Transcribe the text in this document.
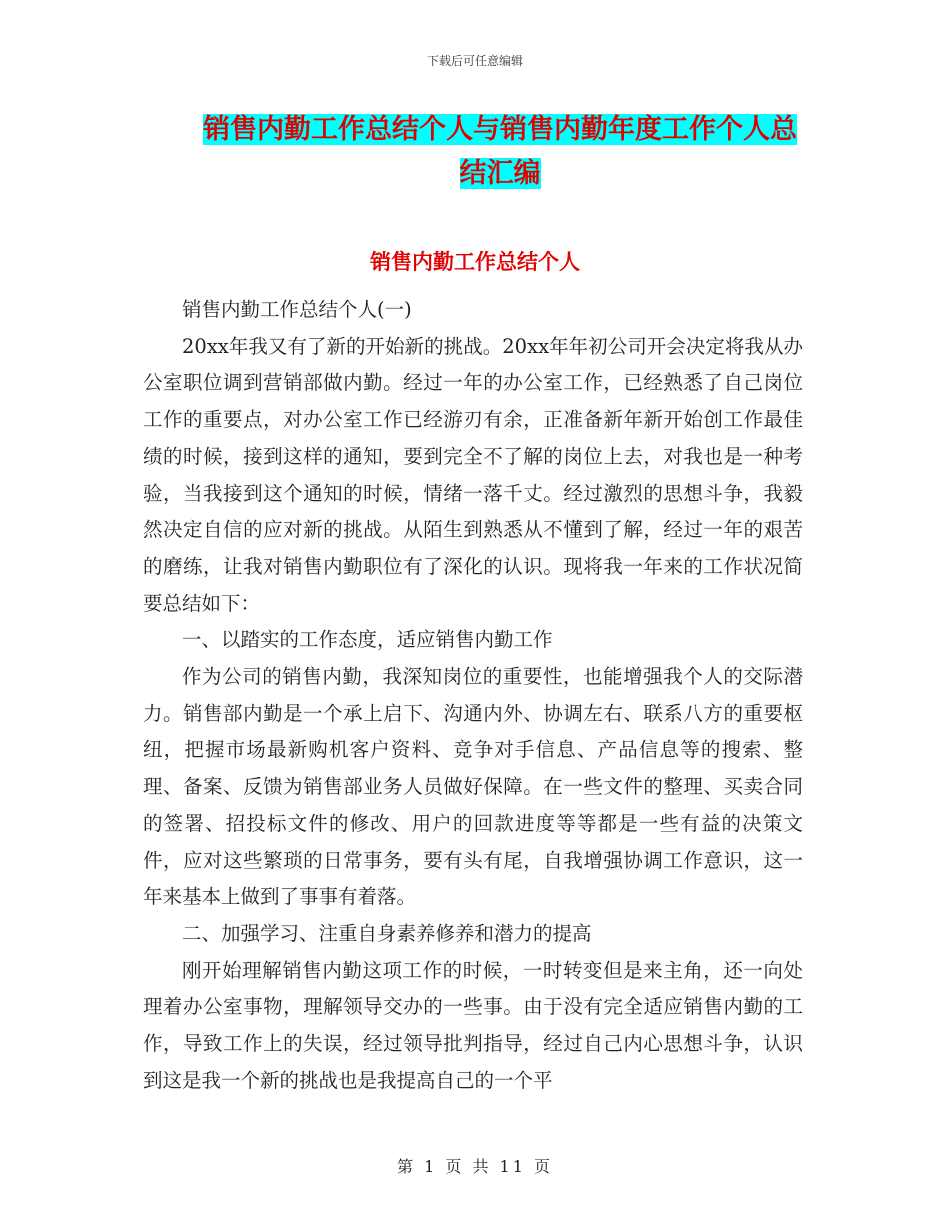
下载后可任意编辑
销售内勤工作总结个人与销售内勤年度工作个人总结汇编
销售内勤工作总结个人

销售内勤工作总结个人(一)

20xx年我又有了新的开始新的挑战。20xx年年初公司开会决定将我从办公室职位调到营销部做内勤。经过一年的办公室工作，已经熟悉了自己岗位工作的重要点，对办公室工作已经游刃有余，正准备新年新开始创工作最佳绩的时候，接到这样的通知，要到完全不了解的岗位上去，对我也是一种考验，当我接到这个通知的时候，情绪一落千丈。经过激烈的思想斗争，我毅然决定自信的应对新的挑战。从陌生到熟悉从不懂到了解，经过一年的艰苦的磨练，让我对销售内勤职位有了深化的认识。现将我一年来的工作状况简要总结如下：

一、以踏实的工作态度，适应销售内勤工作

作为公司的销售内勤，我深知岗位的重要性，也能增强我个人的交际潜力。销售部内勤是一个承上启下、沟通内外、协调左右、联系八方的重要枢纽，把握市场最新购机客户资料、竞争对手信息、产品信息等的搜索、整理、备案、反馈为销售部业务人员做好保障。在一些文件的整理、买卖合同的签署、招投标文件的修改、用户的回款进度等等都是一些有益的决策文件，应对这些繁琐的日常事务，要有头有尾，自我增强协调工作意识，这一年来基本上做到了事事有着落。

二、加强学习、注重自身素养修养和潜力的提高

刚开始理解销售内勤这项工作的时候，一时转变但是来主角，还一向处理着办公室事物，理解领导交办的一些事。由于没有完全适应销售内勤的工作，导致工作上的失误，经过领导批判指导，经过自己内心思想斗争，认识到这是我一个新的挑战也是我提高自己的一个平

第 1 页 共 11 页
